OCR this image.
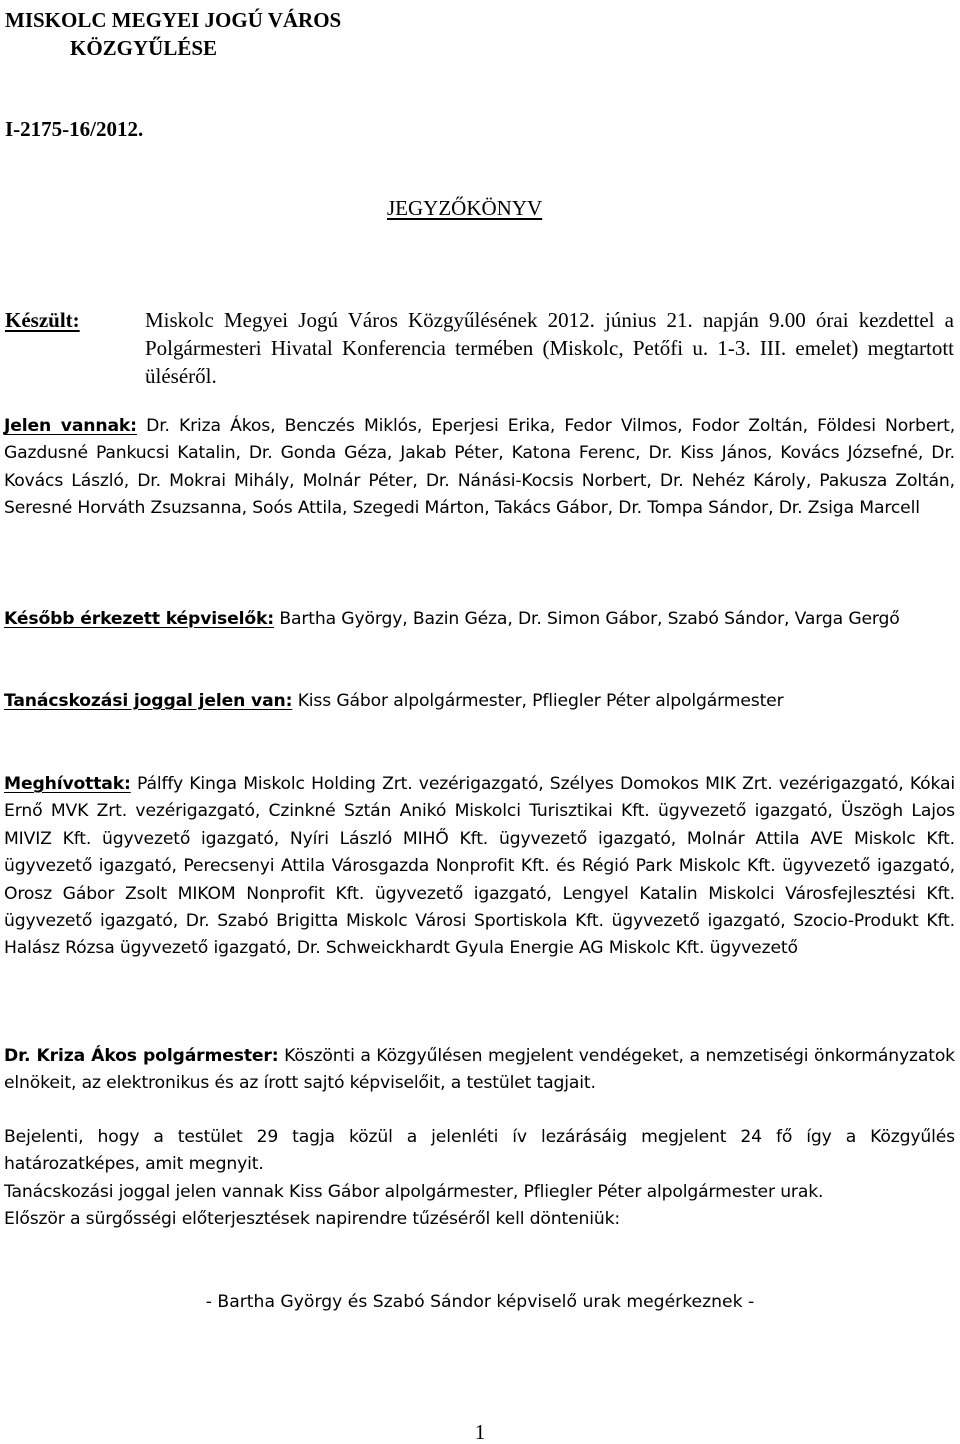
MISKOLC MEGYEI JOGÚ VÁROS
KÖZGYŰLÉSE
I-2175-16/2012.
JEGYZŐKÖNYV
Készült:	Miskolc Megyei Jogú Város Közgyűlésének 2012. június 21. napján 9.00 órai kezdettel a Polgármesteri Hivatal Konferencia termében (Miskolc, Petőfi u. 1-3. III. emelet) megtartott üléséről.
Jelen vannak: Dr. Kriza Ákos, Benczés Miklós, Eperjesi Erika, Fedor Vilmos, Fodor Zoltán, Földesi Norbert, Gazdusné Pankucsi Katalin, Dr. Gonda Géza, Jakab Péter, Katona Ferenc, Dr. Kiss János, Kovács Józsefné, Dr. Kovács László, Dr. Mokrai Mihály, Molnár Péter, Dr. Nánási-Kocsis Norbert, Dr. Nehéz Károly, Pakusza Zoltán, Seresné Horváth Zsuzsanna, Soós Attila, Szegedi Márton, Takács Gábor, Dr. Tompa Sándor, Dr. Zsiga Marcell
Később érkezett képviselők: Bartha György, Bazin Géza, Dr. Simon Gábor, Szabó Sándor, Varga Gergő
Tanácskozási joggal jelen van: Kiss Gábor alpolgármester, Pfliegler Péter alpolgármester
Meghívottak: Pálffy Kinga Miskolc Holding Zrt. vezérigazgató, Szélyes Domokos MIK Zrt. vezérigazgató, Kókai Ernő MVK Zrt. vezérigazgató, Czinkné Sztán Anikó Miskolci Turisztikai Kft. ügyvezető igazgató, Üszögh Lajos MIVIZ Kft. ügyvezető igazgató, Nyíri László MIHŐ Kft. ügyvezető igazgató, Molnár Attila AVE Miskolc Kft. ügyvezető igazgató, Perecsenyi Attila Városgazda Nonprofit Kft. és Régió Park Miskolc Kft. ügyvezető igazgató, Orosz Gábor Zsolt MIKOM Nonprofit Kft. ügyvezető igazgató, Lengyel Katalin Miskolci Városfejlesztési Kft. ügyvezető igazgató, Dr. Szabó Brigitta Miskolc Városi Sportiskola Kft. ügyvezető igazgató, Szocio-Produkt Kft. Halász Rózsa ügyvezető igazgató, Dr. Schweickhardt Gyula Energie AG Miskolc Kft. ügyvezető
Dr. Kriza Ákos polgármester: Köszönti a Közgyűlésen megjelent vendégeket, a nemzetiségi önkormányzatok elnökeit, az elektronikus és az írott sajtó képviselőit, a testület tagjait.
Bejelenti, hogy a testület 29 tagja közül a jelenléti ív lezárásáig megjelent 24 fő így a Közgyűlés határozatképes, amit megnyit.
Tanácskozási joggal jelen vannak Kiss Gábor alpolgármester, Pfliegler Péter alpolgármester urak.
Először a sürgősségi előterjesztések napirendre tűzéséről kell dönteniük:
- Bartha György és Szabó Sándor képviselő urak megérkeznek -
1
